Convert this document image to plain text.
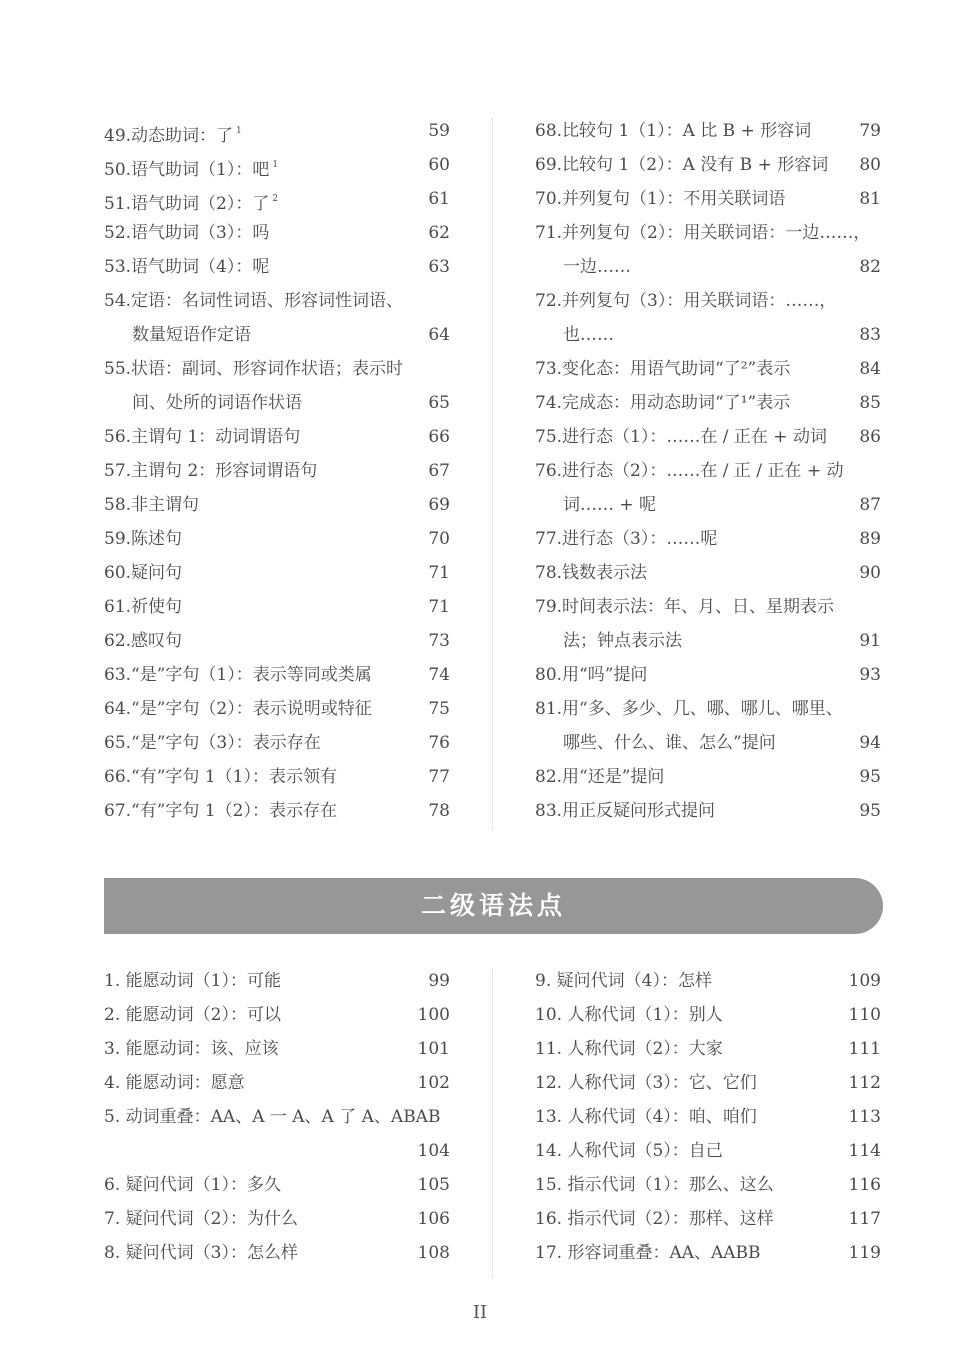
49.动态助词：了 $^1$	59
50.语气助词（1）：吧 $^1$	60
51.语气助词（2）：了 $^2$	61
52.语气助词（3）：吗	62
53.语气助词（4）：呢	63
54.定语：名词性词语、形容词性词语、
数量短语作定语	64
55.状语：副词、形容词作状语；表示时
间、处所的词语作状语	65
56.主谓句 1：动词谓语句	66
57.主谓句 2：形容词谓语句	67
58.非主谓句	69
59.陈述句	70
60.疑问句	71
61.祈使句	71
62.感叹句	73
63.“是”字句（1）：表示等同或类属	74
64.“是”字句（2）：表示说明或特征	75
65.“是”字句（3）：表示存在	76
66.“有”字句 1（1）：表示领有	77
67.“有”字句 1（2）：表示存在	78
68.比较句 1（1）：A 比 B + 形容词	79
69.比较句 1（2）：A 没有 B + 形容词 80
70.并列复句（1）：不用关联词语	81
71.并列复句（2）：用关联词语：一边……，
一边……	82
72.并列复句（3）：用关联词语：……，
也……	83
73.变化态：用语气助词“了²”表示	84
74.完成态：用动态助词“了¹”表示	85
75.进行态（1）：……在 / 正在 + 动词 86
76.进行态（2）：……在 / 正 / 正在 + 动
词…… + 呢	87
77.进行态（3）：……呢	89
78.钱数表示法	90
79.时间表示法：年、月、日、星期表示
法；钟点表示法	91
80.用“吗”提问	93
81.用“多、多少、几、哪、哪儿、哪里、
哪些、什么、谁、怎么”提问	94
82.用“还是”提问	95
83.用正反疑问形式提问	95
二级语法点
1. 能愿动词（1）：可能	99
2. 能愿动词（2）：可以	100
3. 能愿动词：该、应该	101
4. 能愿动词：愿意	102
5. 动词重叠：AA、A 一 A、A 了 A、ABAB
104
6. 疑问代词（1）：多久	105
7. 疑问代词（2）：为什么	106
8. 疑问代词（3）：怎么样	108
9. 疑问代词（4）：怎样	109
10. 人称代词（1）：别人	110
11. 人称代词（2）：大家	111
12. 人称代词（3）：它、它们	112
13. 人称代词（4）：咱、咱们	113
14. 人称代词（5）：自己	114
15. 指示代词（1）：那么、这么	116
16. 指示代词（2）：那样、这样	117
17. 形容词重叠：AA、AABB	119
II
